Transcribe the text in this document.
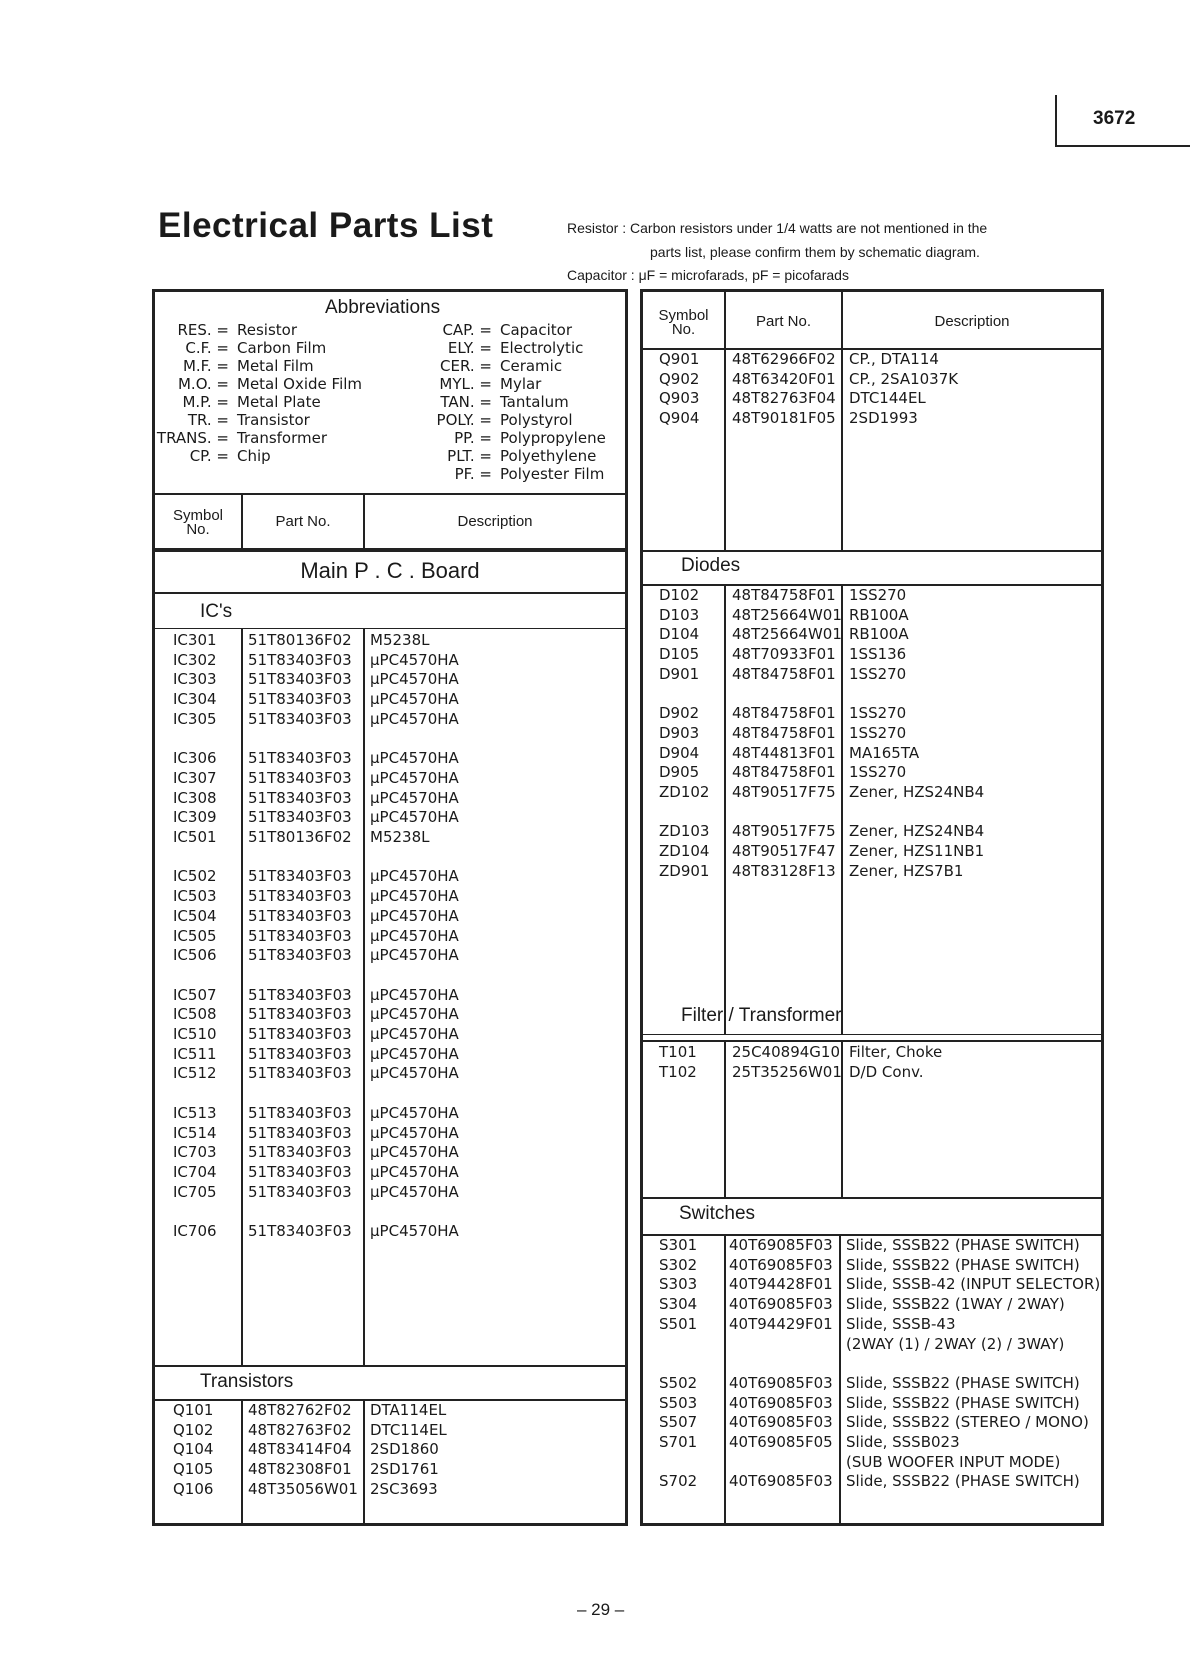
3672
Electrical Parts List	Resistor : Carbon resistors under 1/4 watts are not mentioned in the
parts list, please confirm them by schematic diagram.
Capacitor : μF = microfarads, pF = picofarads
Abbreviations
RES. = Resistor
C.F. = Carbon Film
M.F. = Metal Film
M.O. = Metal Oxide Film
M.P. = Metal Plate
TR. = Transistor
TRANS. = Transformer
CP. = Chip
CAP. = Capacitor
ELY. = Electrolytic
CER. = Ceramic
MYL. = Mylar
TAN. = Tantalum
POLY. = Polystyrol
PP. = Polypropylene
PLT. = Polyethylene
PF. = Polyester Film
Symbol
No.	Part No.	Description
Main P . C . Board
IC's
IC301 51T80136F02 M5238L
IC302 51T83403F03 μPC4570HA
IC303 51T83403F03 μPC4570HA
IC304 51T83403F03 μPC4570HA
IC305 51T83403F03 μPC4570HA
IC306 51T83403F03 μPC4570HA
IC307 51T83403F03 μPC4570HA
IC308 51T83403F03 μPC4570HA
IC309 51T83403F03 μPC4570HA
IC501 51T80136F02 M5238L
IC502 51T83403F03 μPC4570HA
IC503 51T83403F03 μPC4570HA
IC504 51T83403F03 μPC4570HA
IC505 51T83403F03 μPC4570HA
IC506 51T83403F03 μPC4570HA
IC507 51T83403F03 μPC4570HA
IC508 51T83403F03 μPC4570HA
IC510 51T83403F03 μPC4570HA
IC511 51T83403F03 μPC4570HA
IC512 51T83403F03 μPC4570HA
IC513 51T83403F03 μPC4570HA
IC514 51T83403F03 μPC4570HA
IC703 51T83403F03 μPC4570HA
IC704 51T83403F03 μPC4570HA
IC705 51T83403F03 μPC4570HA
IC706 51T83403F03 μPC4570HA
Transistors
Q101 48T82762F02 DTA114EL
Q102 48T82763F02 DTC114EL
Q104 48T83414F04 2SD1860
Q105 48T82308F01 2SD1761
Q106 48T35056W01 2SC3693
Symbol
No.	Part No.	Description
Q901 48T62966F02 CP., DTA114
Q902 48T63420F01 CP., 2SA1037K
Q903 48T82763F04 DTC144EL
Q904 48T90181F05 2SD1993
Diodes
D102 48T84758F01 1SS270
D103 48T25664W01 RB100A
D104 48T25664W01 RB100A
D105 48T70933F01 1SS136
D901 48T84758F01 1SS270
D902 48T84758F01 1SS270
D903 48T84758F01 1SS270
D904 48T44813F01 MA165TA
D905 48T84758F01 1SS270
ZD102 48T90517F75 Zener, HZS24NB4
ZD103 48T90517F75 Zener, HZS24NB4
ZD104 48T90517F47 Zener, HZS11NB1
ZD901 48T83128F13 Zener, HZS7B1
Filter / Transformer
T101 25C40894G10 Filter, Choke
T102 25T35256W01 D/D Conv.
Switches
S301 40T69085F03 Slide, SSSB22 (PHASE SWITCH)
S302 40T69085F03 Slide, SSSB22 (PHASE SWITCH)
S303 40T94428F01 Slide, SSSB-42 (INPUT SELECTOR)
S304 40T69085F03 Slide, SSSB22 (1WAY / 2WAY)
S501 40T94429F01 Slide, SSSB-43
(2WAY (1) / 2WAY (2) / 3WAY)
S502 40T69085F03 Slide, SSSB22 (PHASE SWITCH)
S503 40T69085F03 Slide, SSSB22 (PHASE SWITCH)
S507 40T69085F03 Slide, SSSB22 (STEREO / MONO)
S701 40T69085F05 Slide, SSSB023
(SUB WOOFER INPUT MODE)
S702 40T69085F03 Slide, SSSB22 (PHASE SWITCH)
– 29 –
